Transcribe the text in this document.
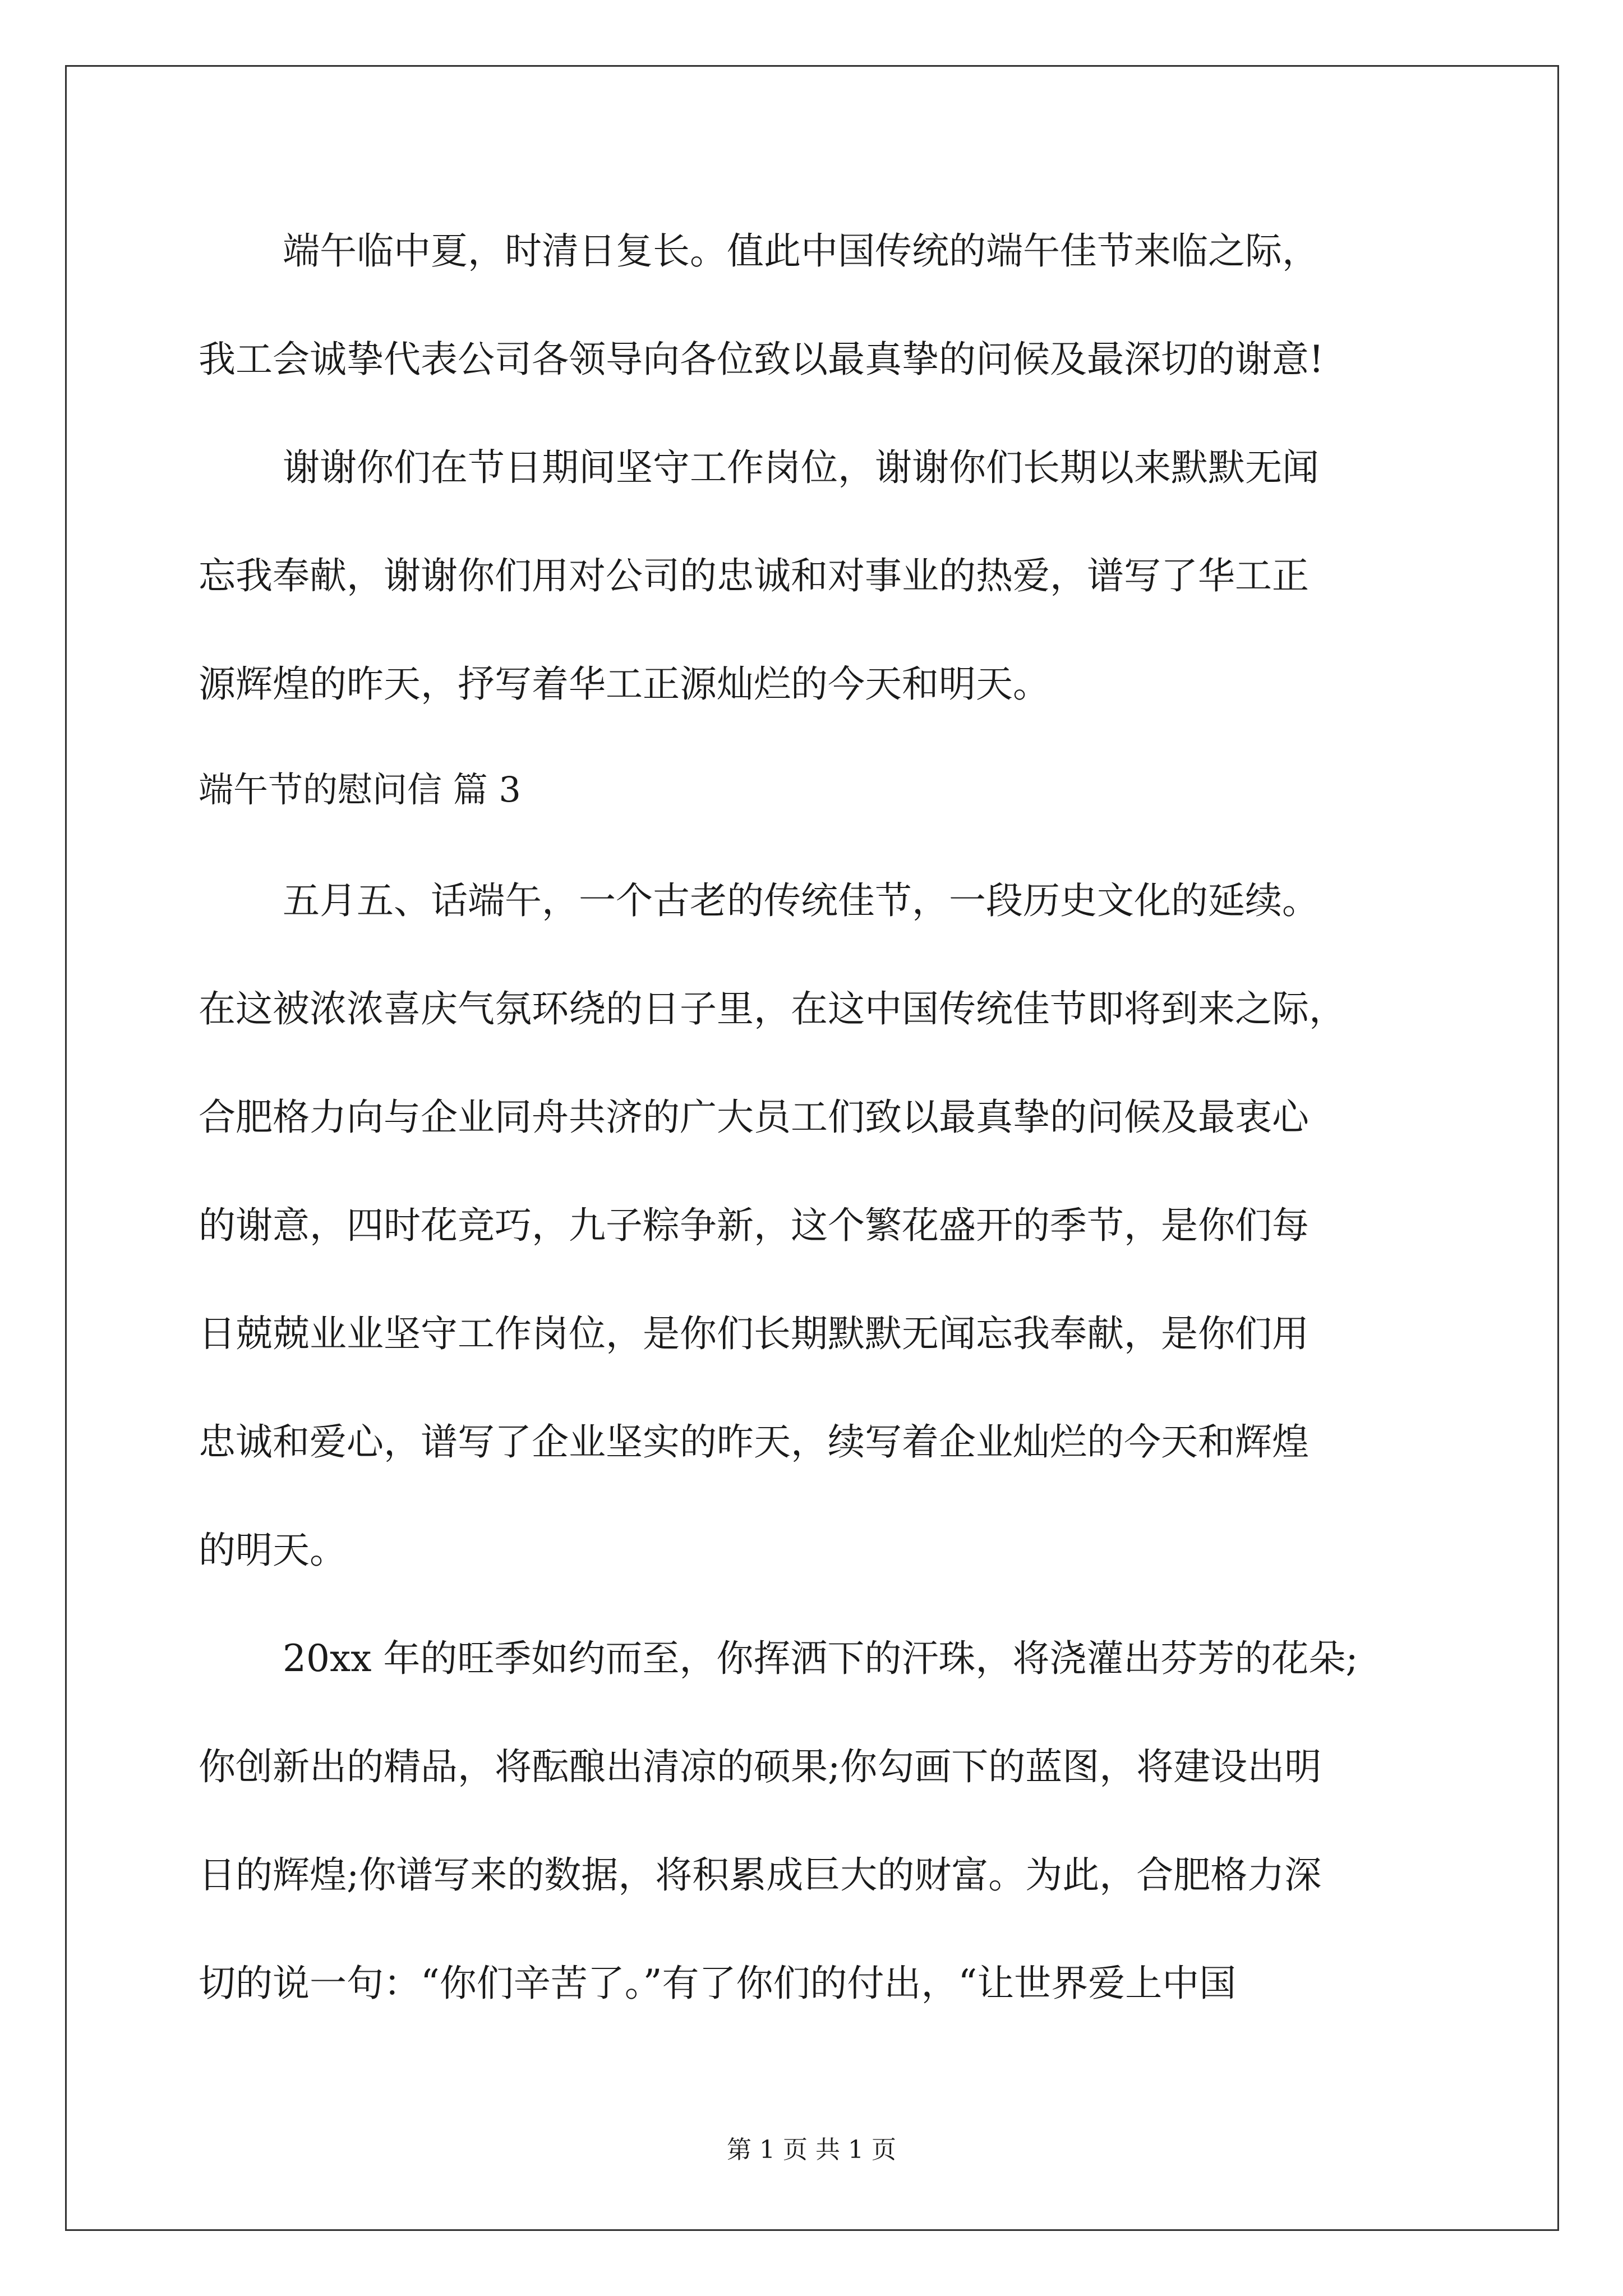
端午临中夏，时清日复长。值此中国传统的端午佳节来临之际，
我工会诚挚代表公司各领导向各位致以最真挚的问候及最深切的谢意!
谢谢你们在节日期间坚守工作岗位，谢谢你们长期以来默默无闻
忘我奉献，谢谢你们用对公司的忠诚和对事业的热爱，谱写了华工正
源辉煌的昨天，抒写着华工正源灿烂的今天和明天。
端午节的慰问信 篇 3
五月五、话端午，一个古老的传统佳节，一段历史文化的延续。
在这被浓浓喜庆气氛环绕的日子里，在这中国传统佳节即将到来之际，
合肥格力向与企业同舟共济的广大员工们致以最真挚的问候及最衷心
的谢意，四时花竞巧，九子粽争新，这个繁花盛开的季节，是你们每
日兢兢业业坚守工作岗位，是你们长期默默无闻忘我奉献，是你们用
忠诚和爱心，谱写了企业坚实的昨天，续写着企业灿烂的今天和辉煌
的明天。
20xx 年的旺季如约而至，你挥洒下的汗珠，将浇灌出芬芳的花朵;
你创新出的精品，将酝酿出清凉的硕果;你勾画下的蓝图，将建设出明
日的辉煌;你谱写来的数据，将积累成巨大的财富。为此，合肥格力深
切的说一句：“你们辛苦了。”有了你们的付出，“让世界爱上中国
第 1 页 共 1 页
